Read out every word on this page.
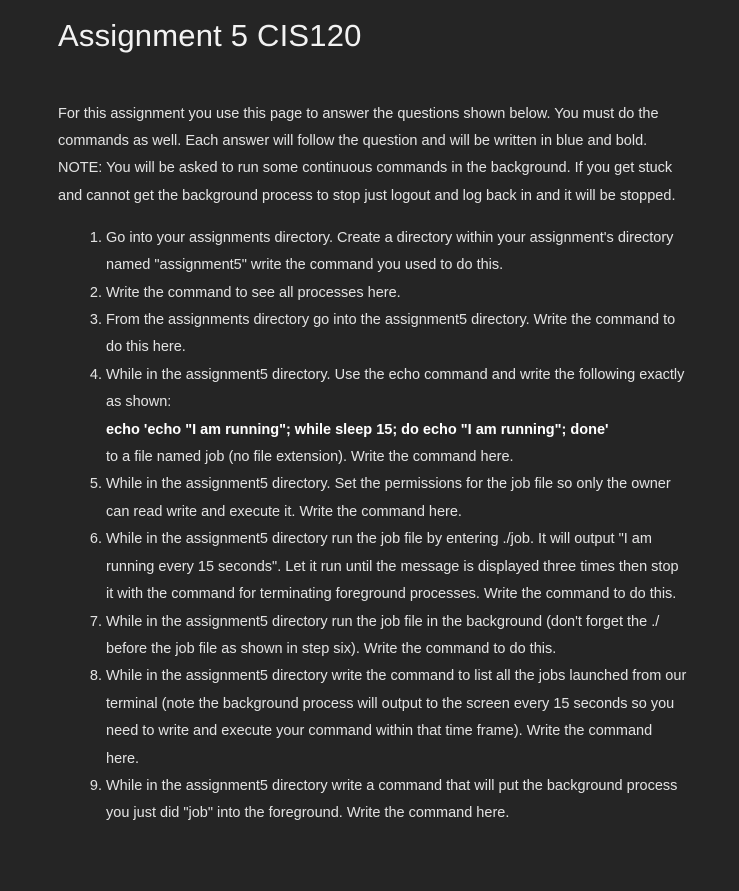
Assignment 5 CIS120

For this assignment you use this page to answer the questions shown below. You must do the commands as well. Each answer will follow the question and will be written in blue and bold. NOTE: You will be asked to run some continuous commands in the background. If you get stuck and cannot get the background process to stop just logout and log back in and it will be stopped.

1. Go into your assignments directory. Create a directory within your assignment's directory named "assignment5" write the command you used to do this.
2. Write the command to see all processes here.
3. From the assignments directory go into the assignment5 directory. Write the command to do this here.
4. While in the assignment5 directory. Use the echo command and write the following exactly as shown:
echo 'echo "I am running"; while sleep 15; do echo "I am running"; done'
to a file named job (no file extension). Write the command here.
5. While in the assignment5 directory. Set the permissions for the job file so only the owner can read write and execute it. Write the command here.
6. While in the assignment5 directory run the job file by entering ./job. It will output "I am running every 15 seconds". Let it run until the message is displayed three times then stop it with the command for terminating foreground processes. Write the command to do this.
7. While in the assignment5 directory run the job file in the background (don't forget the ./ before the job file as shown in step six). Write the command to do this.
8. While in the assignment5 directory write the command to list all the jobs launched from our terminal (note the background process will output to the screen every 15 seconds so you need to write and execute your command within that time frame). Write the command here.
9. While in the assignment5 directory write a command that will put the background process you just did "job" into the foreground. Write the command here.
